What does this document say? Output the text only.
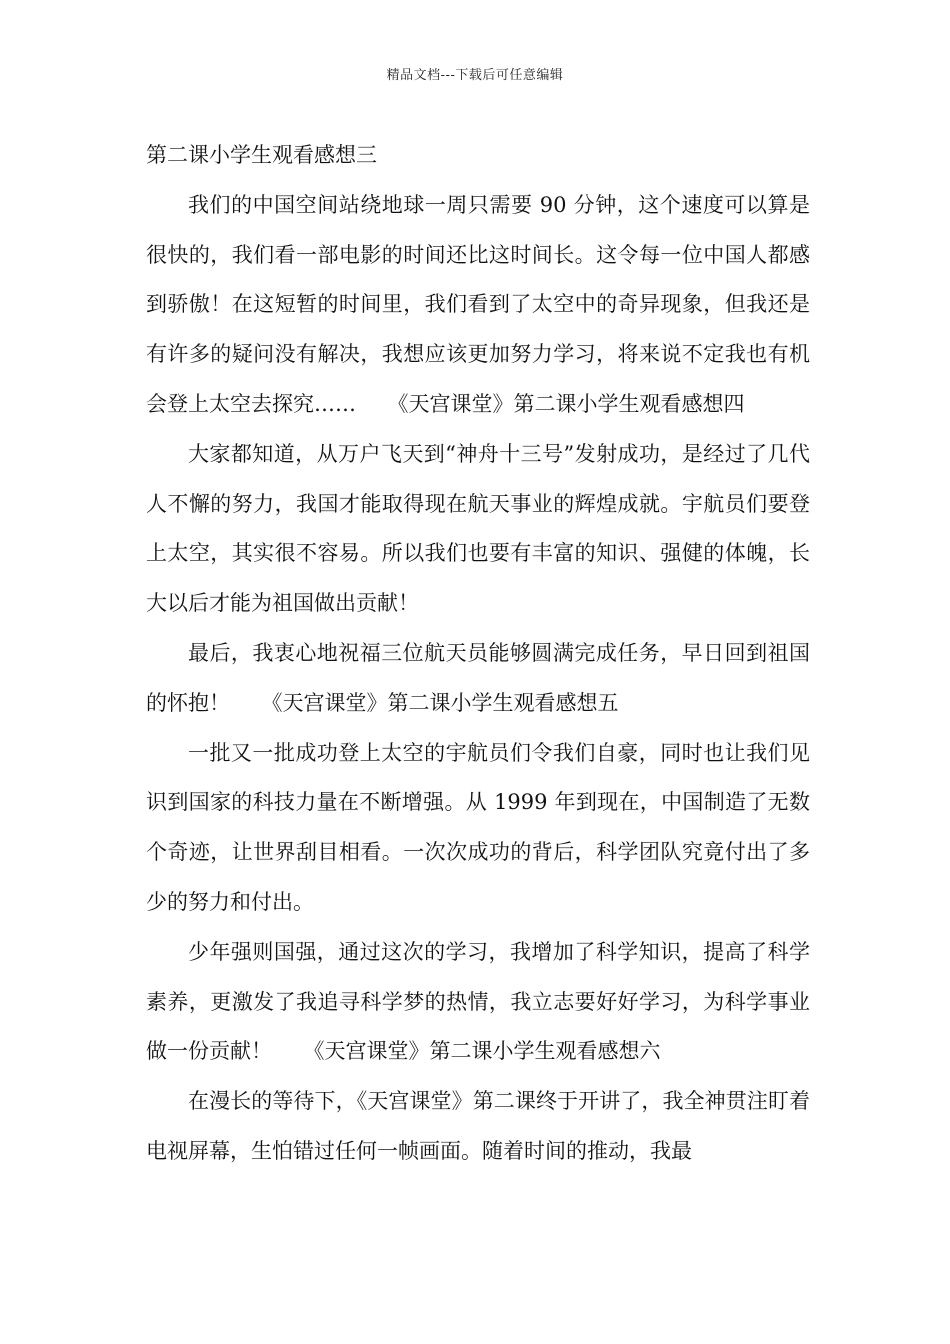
精品文档---下载后可任意编辑

第二课小学生观看感想三

我们的中国空间站绕地球一周只需要 90 分钟，这个速度可以算是很快的，我们看一部电影的时间还比这时间长。这令每一位中国人都感到骄傲！在这短暂的时间里，我们看到了太空中的奇异现象，但我还是有许多的疑问没有解决，我想应该更加努力学习，将来说不定我也有机会登上太空去探究……　　《天宫课堂》第二课小学生观看感想四

大家都知道，从万户飞天到“神舟十三号”发射成功，是经过了几代人不懈的努力，我国才能取得现在航天事业的辉煌成就。宇航员们要登上太空，其实很不容易。所以我们也要有丰富的知识、强健的体魄，长大以后才能为祖国做出贡献！

最后，我衷心地祝福三位航天员能够圆满完成任务，早日回到祖国的怀抱！　　《天宫课堂》第二课小学生观看感想五

一批又一批成功登上太空的宇航员们令我们自豪，同时也让我们见识到国家的科技力量在不断增强。从 1999 年到现在，中国制造了无数个奇迹，让世界刮目相看。一次次成功的背后，科学团队究竟付出了多少的努力和付出。

少年强则国强，通过这次的学习，我增加了科学知识，提高了科学素养，更激发了我追寻科学梦的热情，我立志要好好学习，为科学事业做一份贡献！　　《天宫课堂》第二课小学生观看感想六

在漫长的等待下，《天宫课堂》第二课终于开讲了，我全神贯注盯着电视屏幕，生怕错过任何一帧画面。随着时间的推动，我最
